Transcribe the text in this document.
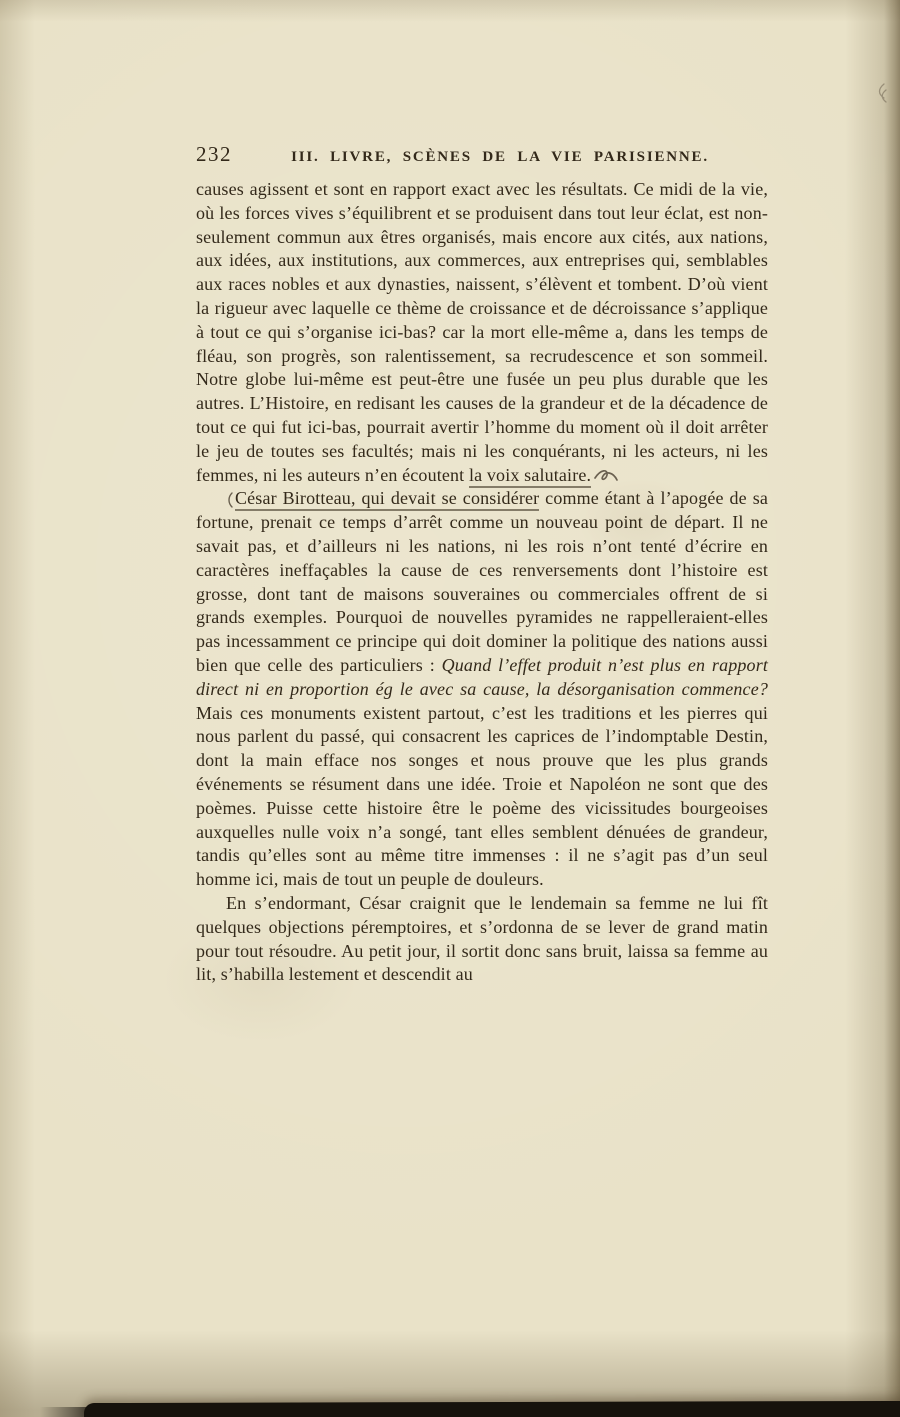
232	III. LIVRE, SCÈNES DE LA VIE PARISIENNE.

causes agissent et sont en rapport exact avec les résultats. Ce midi de la vie, où les forces vives s’équilibrent et se produisent dans tout leur éclat, est non-seulement commun aux êtres organisés, mais encore aux cités, aux nations, aux idées, aux institutions, aux commerces, aux entreprises qui, semblables aux races nobles et aux dynasties, naissent, s’élèvent et tombent. D’où vient la rigueur avec laquelle ce thème de croissance et de décroissance s’applique à tout ce qui s’organise ici-bas? car la mort elle-même a, dans les temps de fléau, son progrès, son ralentissement, sa recrudescence et son sommeil. Notre globe lui-même est peut-être une fusée un peu plus durable que les autres. L’Histoire, en redisant les causes de la grandeur et de la décadence de tout ce qui fut ici-bas, pourrait avertir l’homme du moment où il doit arrêter le jeu de toutes ses facultés; mais ni les conquérants, ni les acteurs, ni les femmes, ni les auteurs n’en écoutent la voix salutaire.

César Birotteau, qui devait se considérer comme étant à l’apogée de sa fortune, prenait ce temps d’arrêt comme un nouveau point de départ. Il ne savait pas, et d’ailleurs ni les nations, ni les rois n’ont tenté d’écrire en caractères ineffaçables la cause de ces renversements dont l’histoire est grosse, dont tant de maisons souveraines ou commerciales offrent de si grands exemples. Pourquoi de nouvelles pyramides ne rappelleraient-elles pas incessamment ce principe qui doit dominer la politique des nations aussi bien que celle des particuliers : Quand l’effet produit n’est plus en rapport direct ni en proportion ég le avec sa cause, la désorganisation commence? Mais ces monuments existent partout, c’est les traditions et les pierres qui nous parlent du passé, qui consacrent les caprices de l’indomptable Destin, dont la main efface nos songes et nous prouve que les plus grands événements se résument dans une idée. Troie et Napoléon ne sont que des poèmes. Puisse cette histoire être le poème des vicissitudes bourgeoises auxquelles nulle voix n’a songé, tant elles semblent dénuées de grandeur, tandis qu’elles sont au même titre immenses : il ne s’agit pas d’un seul homme ici, mais de tout un peuple de douleurs.

En s’endormant, César craignit que le lendemain sa femme ne lui fît quelques objections péremptoires, et s’ordonna de se lever de grand matin pour tout résoudre. Au petit jour, il sortit donc sans bruit, laissa sa femme au lit, s’habilla lestement et descendit au
